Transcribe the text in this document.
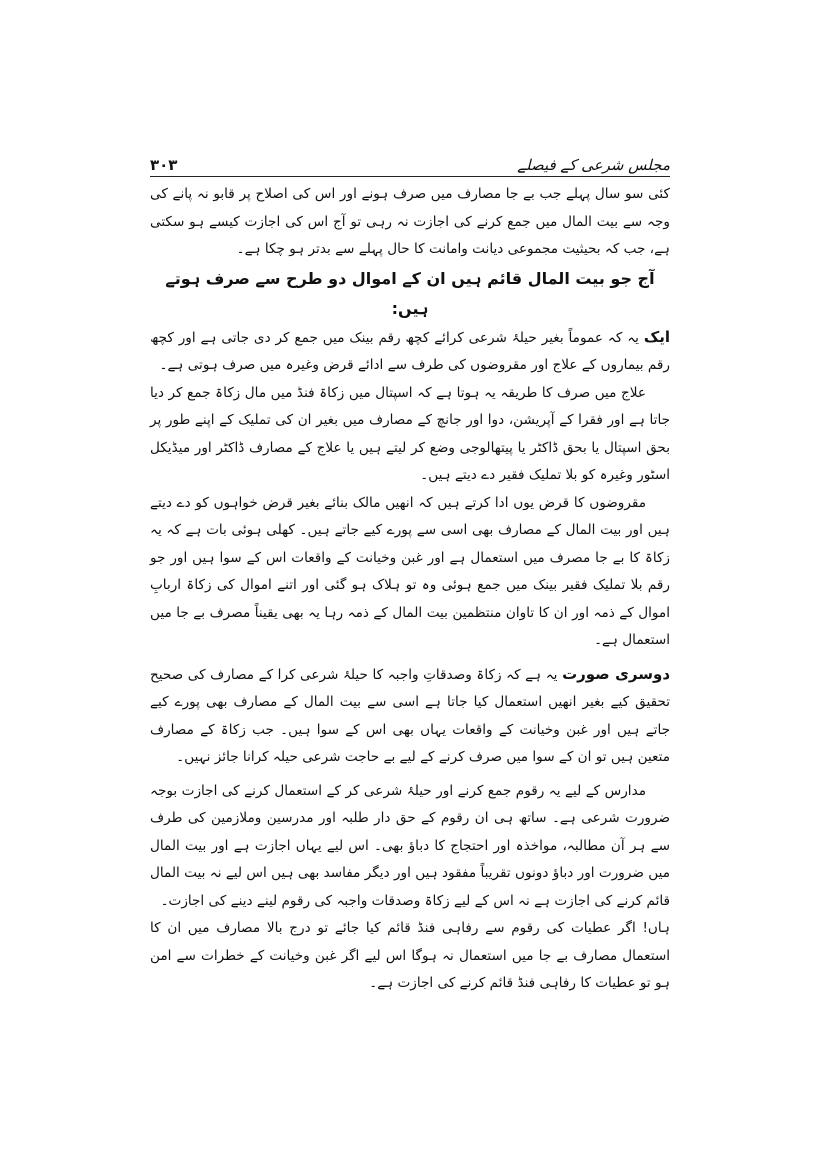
مجلس شرعی کے فیصلے
۳۰۳

کئی سو سال پہلے جب بے جا مصارف میں صرف ہونے اور اس کی اصلاح پر قابو نہ پانے کی وجہ سے بیت المال میں جمع کرنے کی اجازت نہ رہی تو آج اس کی اجازت کیسے ہو سکتی ہے، جب کہ بحیثیت مجموعی دیانت وامانت کا حال پہلے سے بدتر ہو چکا ہے۔

آج جو بیت المال قائم ہیں ان کے اموال دو طرح سے صرف ہوتے ہیں:

ایک یہ کہ عموماً بغیر حیلۂ شرعی کرائے کچھ رقم بینک میں جمع کر دی جاتی ہے اور کچھ رقم بیماروں کے علاج اور مقروضوں کی طرف سے ادائے قرض وغیرہ میں صرف ہوتی ہے۔

علاج میں صرف کا طریقہ یہ ہوتا ہے کہ اسپتال میں زکاۃ فنڈ میں مال زکاۃ جمع کر دیا جاتا ہے اور فقرا کے آپریشن، دوا اور جانچ کے مصارف میں بغیر ان کی تملیک کے اپنے طور پر بحق اسپتال یا بحق ڈاکٹر یا پیتھالوجی وضع کر لیتے ہیں یا علاج کے مصارف ڈاکٹر اور میڈیکل اسٹور وغیرہ کو بلا تملیک فقیر دے دیتے ہیں۔

مقروضوں کا قرض یوں ادا کرتے ہیں کہ انھیں مالک بنائے بغیر قرض خواہوں کو دے دیتے ہیں اور بیت المال کے مصارف بھی اسی سے پورے کیے جاتے ہیں۔ کھلی ہوئی بات ہے کہ یہ زکاۃ کا بے جا مصرف میں استعمال ہے اور غبن وخیانت کے واقعات اس کے سوا ہیں اور جو رقم بلا تملیک فقیر بینک میں جمع ہوئی وہ تو ہلاک ہو گئی اور اتنے اموال کی زکاۃ اربابِ اموال کے ذمہ اور ان کا تاوان منتظمین بیت المال کے ذمہ رہا یہ بھی یقیناً مصرف بے جا میں استعمال ہے۔

دوسری صورت یہ ہے کہ زکاۃ وصدقاتِ واجبہ کا حیلۂ شرعی کرا کے مصارف کی صحیح تحقیق کیے بغیر انھیں استعمال کیا جاتا ہے اسی سے بیت المال کے مصارف بھی پورے کیے جاتے ہیں اور غبن وخیانت کے واقعات یہاں بھی اس کے سوا ہیں۔ جب زکاۃ کے مصارف متعین ہیں تو ان کے سوا میں صرف کرنے کے لیے بے حاجت شرعی حیلہ کرانا جائز نہیں۔

مدارس کے لیے یہ رقوم جمع کرنے اور حیلۂ شرعی کر کے استعمال کرنے کی اجازت بوجہ ضرورت شرعی ہے۔ ساتھ ہی ان رقوم کے حق دار طلبہ اور مدرسین وملازمین کی طرف سے ہر آن مطالبہ، مواخذہ اور احتجاج کا دباؤ بھی۔ اس لیے یہاں اجازت ہے اور بیت المال میں ضرورت اور دباؤ دونوں تقریباً مفقود ہیں اور دیگر مفاسد بھی ہیں اس لیے نہ بیت المال قائم کرنے کی اجازت ہے نہ اس کے لیے زکاۃ وصدقات واجبہ کی رقوم لینے دینے کی اجازت۔

ہاں! اگر عطیات کی رقوم سے رفاہی فنڈ قائم کیا جائے تو درج بالا مصارف میں ان کا استعمال مصارف بے جا میں استعمال نہ ہوگا اس لیے اگر غبن وخیانت کے خطرات سے امن ہو تو عطیات کا رفاہی فنڈ قائم کرنے کی اجازت ہے۔
